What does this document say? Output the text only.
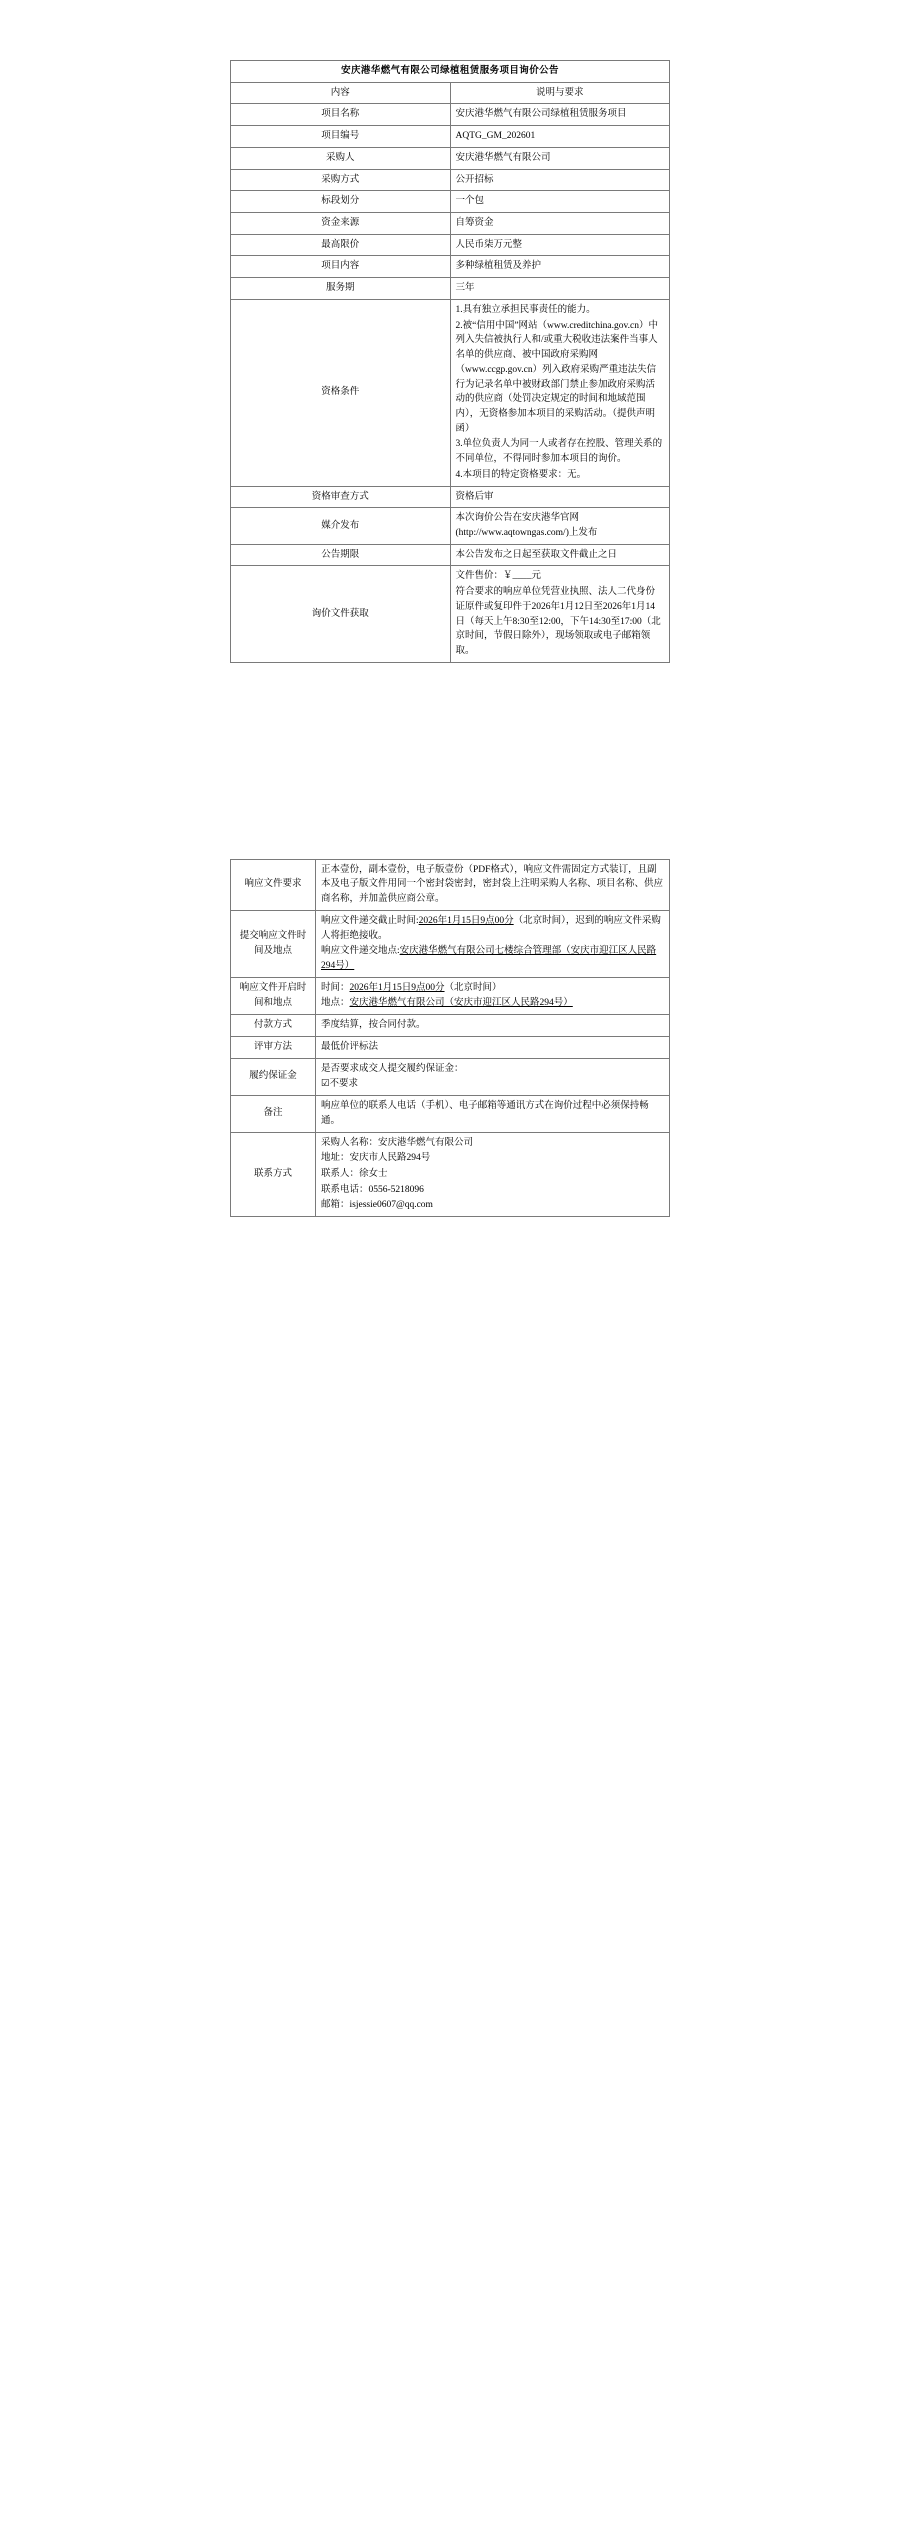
安庆港华燃气有限公司绿植租赁服务项目询价公告	
内容	说明与要求
项目名称	安庆港华燃气有限公司绿植租赁服务项目
项目编号	AQTG_GM_202601
采购人	安庆港华燃气有限公司
采购方式	公开招标
标段划分	一个包
资金来源	自筹资金
最高限价	人民币柒万元整
项目内容	多种绿植租赁及养护
服务期	三年
资格条件	1.具有独立承担民事责任的能力。

2.被“信用中国”网站（www.creditchina.gov.cn）中列入失信被执行人和/或重大税收违法案件当事人名单的供应商、被中国政府采购网（www.ccgp.gov.cn）列入政府采购严重违法失信行为记录名单中被财政部门禁止参加政府采购活动的供应商（处罚决定规定的时间和地域范围内），无资格参加本项目的采购活动。（提供声明函）

3.单位负责人为同一人或者存在控股、管理关系的不同单位，不得同时参加本项目的询价。

4.本项目的特定资格要求：无。

资格审查方式	资格后审
媒介发布	本次询价公告在安庆港华官网(http://www.aqtowngas.com/)上发布
公告期限	本公告发布之日起至获取文件截止之日
询价文件获取	文件售价：￥____元

符合要求的响应单位凭营业执照、法人二代身份证原件或复印件于2026年1月12日至2026年1月14日（每天上午8:30至12:00，下午14:30至17:00（北京时间，节假日除外），现场领取或电子邮箱领取。

响应文件要求	正本壹份，副本壹份，电子版壹份（PDF格式），响应文件需固定方式装订，且副本及电子版文件用同一个密封袋密封，密封袋上注明采购人名称、项目名称、供应商名称，并加盖供应商公章。
提交响应文件时间及地点	响应文件递交截止时间:2026年1月15日9点00分（北京时间），迟到的响应文件采购人将拒绝接收。

响应文件递交地点:安庆港华燃气有限公司七楼综合管理部（安庆市迎江区人民路294号）

响应文件开启时间和地点	时间：2026年1月15日9点00分（北京时间）

地点：安庆港华燃气有限公司（安庆市迎江区人民路294号）

付款方式	季度结算，按合同付款。
评审方法	最低价评标法
履约保证金	是否要求成交人提交履约保证金：

☑不要求

备注	响应单位的联系人电话（手机）、电子邮箱等通讯方式在询价过程中必须保持畅通。
联系方式	采购人名称：安庆港华燃气有限公司

地址：安庆市人民路294号

联系人：徐女士

联系电话：0556-5218096

邮箱：isjessie0607@qq.com
